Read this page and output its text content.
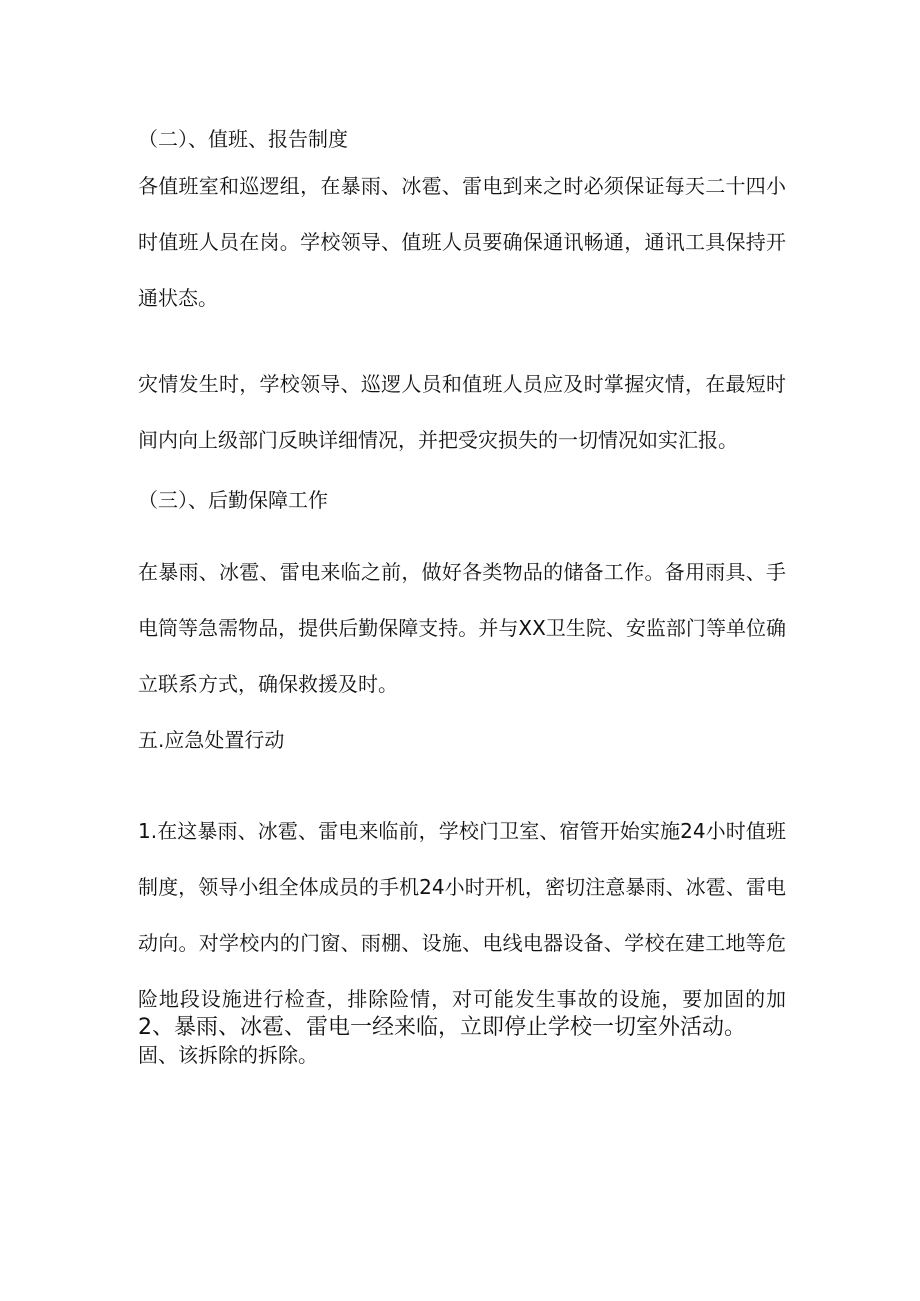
（二）、值班、报告制度
各值班室和巡逻组，在暴雨、冰雹、雷电到来之时必须保证每天二十四小时值班人员在岗。学校领导、值班人员要确保通讯畅通，通讯工具保持开通状态。
灾情发生时，学校领导、巡逻人员和值班人员应及时掌握灾情，在最短时间内向上级部门反映详细情况，并把受灾损失的一切情况如实汇报。
（三）、后勤保障工作
在暴雨、冰雹、雷电来临之前，做好各类物品的储备工作。备用雨具、手电筒等急需物品，提供后勤保障支持。并与XX卫生院、安监部门等单位确立联系方式，确保救援及时。
五.应急处置行动
1.在这暴雨、冰雹、雷电来临前，学校门卫室、宿管开始实施24小时值班制度，领导小组全体成员的手机24小时开机，密切注意暴雨、冰雹、雷电动向。对学校内的门窗、雨棚、设施、电线电器设备、学校在建工地等危险地段设施进行检查，排除险情，对可能发生事故的设施，要加固的加固、该拆除的拆除。
2、暴雨、冰雹、雷电一经来临，立即停止学校一切室外活动。
